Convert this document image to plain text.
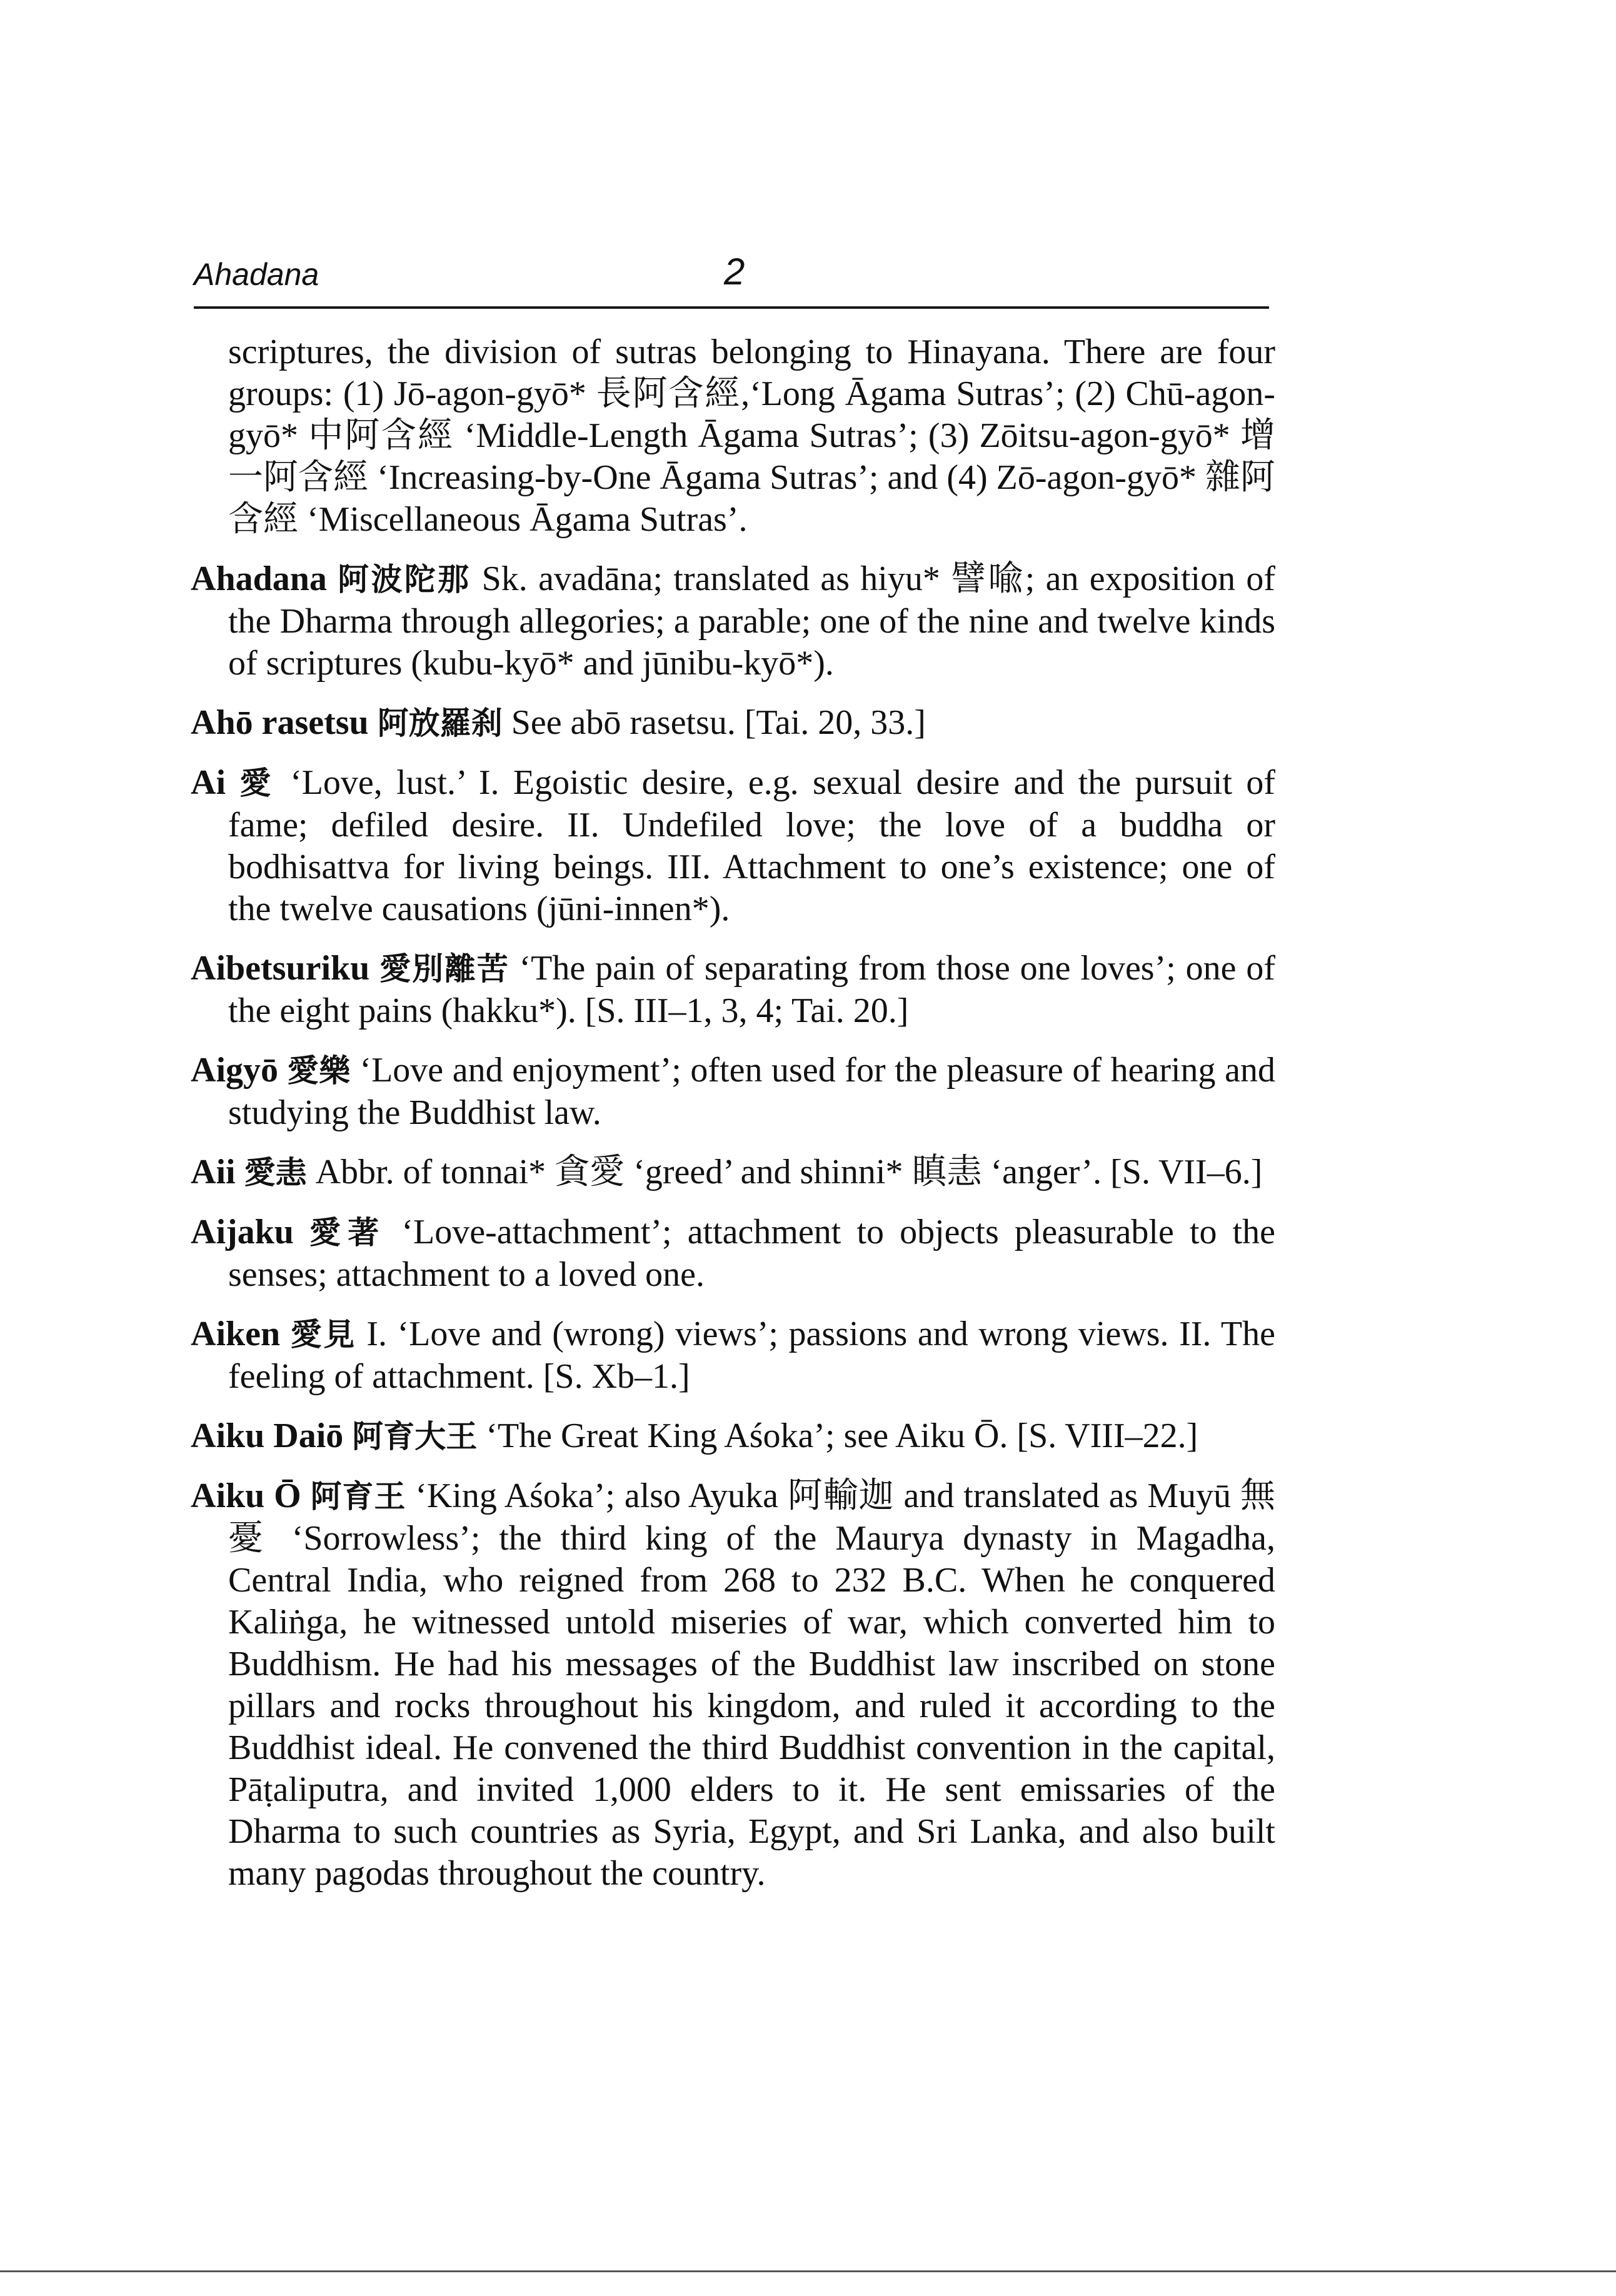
Ahadana	2

scriptures, the division of sutras belonging to Hinayana. There are four groups: (1) Jō-agon-gyō* 長阿含經,‘Long Āgama Sutras’; (2) Chū-agon-gyō* 中阿含經 ‘Middle-Length Āgama Sutras’; (3) Zōitsu-agon-gyō* 增一阿含經 ‘Increasing-by-One Āgama Sutras’; and (4) Zō-agon-gyō* 雜阿含經 ‘Miscellaneous Āgama Sutras’.

Ahadana 阿波陀那 Sk. avadāna; translated as hiyu* 譬喩; an exposition of the Dharma through allegories; a parable; one of the nine and twelve kinds of scriptures (kubu-kyō* and jūnibu-kyō*).

Ahō rasetsu 阿放羅刹 See abō rasetsu. [Tai. 20, 33.]

Ai 愛 ‘Love, lust.’ I. Egoistic desire, e.g. sexual desire and the pursuit of fame; defiled desire. II. Undefiled love; the love of a buddha or bodhisattva for living beings. III. Attachment to one’s existence; one of the twelve causations (jūni-innen*).

Aibetsuriku 愛別離苦 ‘The pain of separating from those one loves’; one of the eight pains (hakku*). [S. III–1, 3, 4; Tai. 20.]

Aigyō 愛樂 ‘Love and enjoyment’; often used for the pleasure of hearing and studying the Buddhist law.

Aii 愛恚 Abbr. of tonnai* 貪愛 ‘greed’ and shinni* 瞋恚 ‘anger’. [S. VII–6.]

Aijaku 愛著 ‘Love-attachment’; attachment to objects pleasurable to the senses; attachment to a loved one.

Aiken 愛見 I. ‘Love and (wrong) views’; passions and wrong views. II. The feeling of attachment. [S. Xb–1.]

Aiku Daiō 阿育大王 ‘The Great King Aśoka’; see Aiku Ō. [S. VIII–22.]

Aiku Ō 阿育王 ‘King Aśoka’; also Ayuka 阿輸迦 and translated as Muyū 無憂 ‘Sorrowless’; the third king of the Maurya dynasty in Magadha, Central India, who reigned from 268 to 232 B.C. When he conquered Kaliṅga, he witnessed untold miseries of war, which converted him to Buddhism. He had his messages of the Buddhist law inscribed on stone pillars and rocks throughout his kingdom, and ruled it according to the Buddhist ideal. He convened the third Buddhist convention in the capital, Pāṭaliputra, and invited 1,000 elders to it. He sent emissaries of the Dharma to such countries as Syria, Egypt, and Sri Lanka, and also built many pagodas throughout the country.
